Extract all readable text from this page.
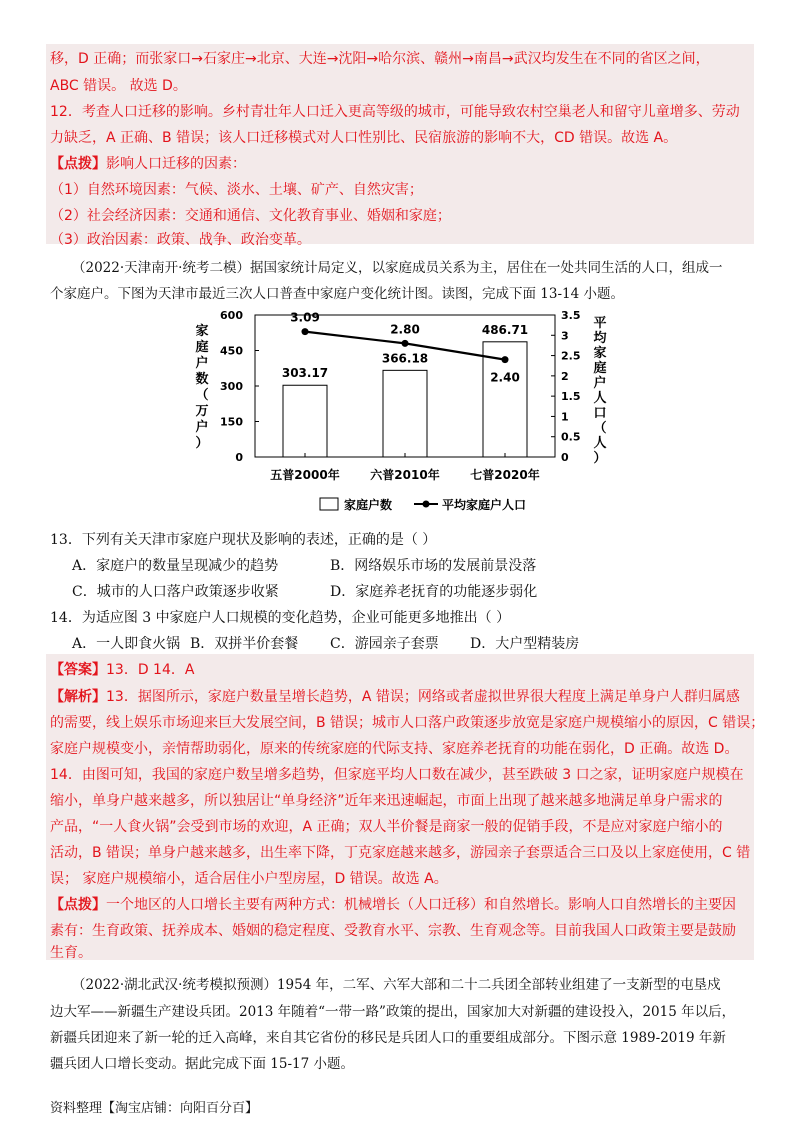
移，D 正确；而张家口→石家庄→北京、大连→沈阳→哈尔滨、赣州→南昌→武汉均发生在不同的省区之间，
ABC 错误。 故选 D。
12．考查人口迁移的影响。乡村青壮年人口迁入更高等级的城市，可能导致农村空巢老人和留守儿童增多、劳动
力缺乏，A 正确、B 错误；该人口迁移模式对人口性别比、民宿旅游的影响不大，CD 错误。故选 A。
【点拨】影响人口迁移的因素：
（1）自然环境因素：气候、淡水、土壤、矿产、自然灾害；
（2）社会经济因素：交通和通信、文化教育事业、婚姻和家庭；
（3）政治因素：政策、战争、政治变革。
（2022·天津南开·统考二模）据国家统计局定义，以家庭成员关系为主，居住在一处共同生活的人口，组成一
个家庭户。下图为天津市最近三次人口普查中家庭户变化统计图。读图，完成下面 13-14 小题。
0
150
300
450
600
0
0.5
1
1.5
2
2.5
3
3.5
家
庭
户
数
（
万
户
）
平
均
家
庭
户
人
口
（
人
）
303.17
五普2000年
366.18
六普2010年
486.71
七普2020年
3.09
2.80
2.40
家庭户数	平均家庭户人口
13．下列有关天津市家庭户现状及影响的表述，正确的是（ ）
A．家庭户的数量呈现减少的趋势	B．网络娱乐市场的发展前景没落
C．城市的人口落户政策逐步收紧	D．家庭养老抚育的功能逐步弱化
14．为适应图 3 中家庭户人口规模的变化趋势，企业可能更多地推出（ ）
A．一人即食火锅 B．双拼半价套餐 C．游园亲子套票 D．大户型精装房
【答案】13．D 14．A
【解析】13．据图所示，家庭户数量呈增长趋势，A 错误；网络或者虚拟世界很大程度上满足单身户人群归属感
的需要，线上娱乐市场迎来巨大发展空间，B 错误；城市人口落户政策逐步放宽是家庭户规模缩小的原因，C 错误；
家庭户规模变小，亲情帮助弱化，原来的传统家庭的代际支持、家庭养老抚育的功能在弱化，D 正确。故选 D。
14．由图可知，我国的家庭户数呈增多趋势，但家庭平均人口数在减少，甚至跌破 3 口之家，证明家庭户规模在
缩小，单身户越来越多，所以独居让“单身经济”近年来迅速崛起，市面上出现了越来越多地满足单身户需求的
产品，“一人食火锅”会受到市场的欢迎，A 正确；双人半价餐是商家一般的促销手段，不是应对家庭户缩小的
活动，B 错误；单身户越来越多，出生率下降，丁克家庭越来越多，游园亲子套票适合三口及以上家庭使用，C 错
误； 家庭户规模缩小，适合居住小户型房屋，D 错误。故选 A。
【点拨】一个地区的人口增长主要有两种方式：机械增长（人口迁移）和自然增长。影响人口自然增长的主要因
素有：生育政策、抚养成本、婚姻的稳定程度、受教育水平、宗教、生育观念等。目前我国人口政策主要是鼓励
生育。
（2022·湖北武汉·统考模拟预测）1954 年，二军、六军大部和二十二兵团全部转业组建了一支新型的屯垦戍
边大军——新疆生产建设兵团。2013 年随着“一带一路”政策的提出，国家加大对新疆的建设投入，2015 年以后，
新疆兵团迎来了新一轮的迁入高峰，来自其它省份的移民是兵团人口的重要组成部分。下图示意 1989-2019 年新
疆兵团人口增长变动。据此完成下面 15-17 小题。
资料整理【淘宝店铺：向阳百分百】
